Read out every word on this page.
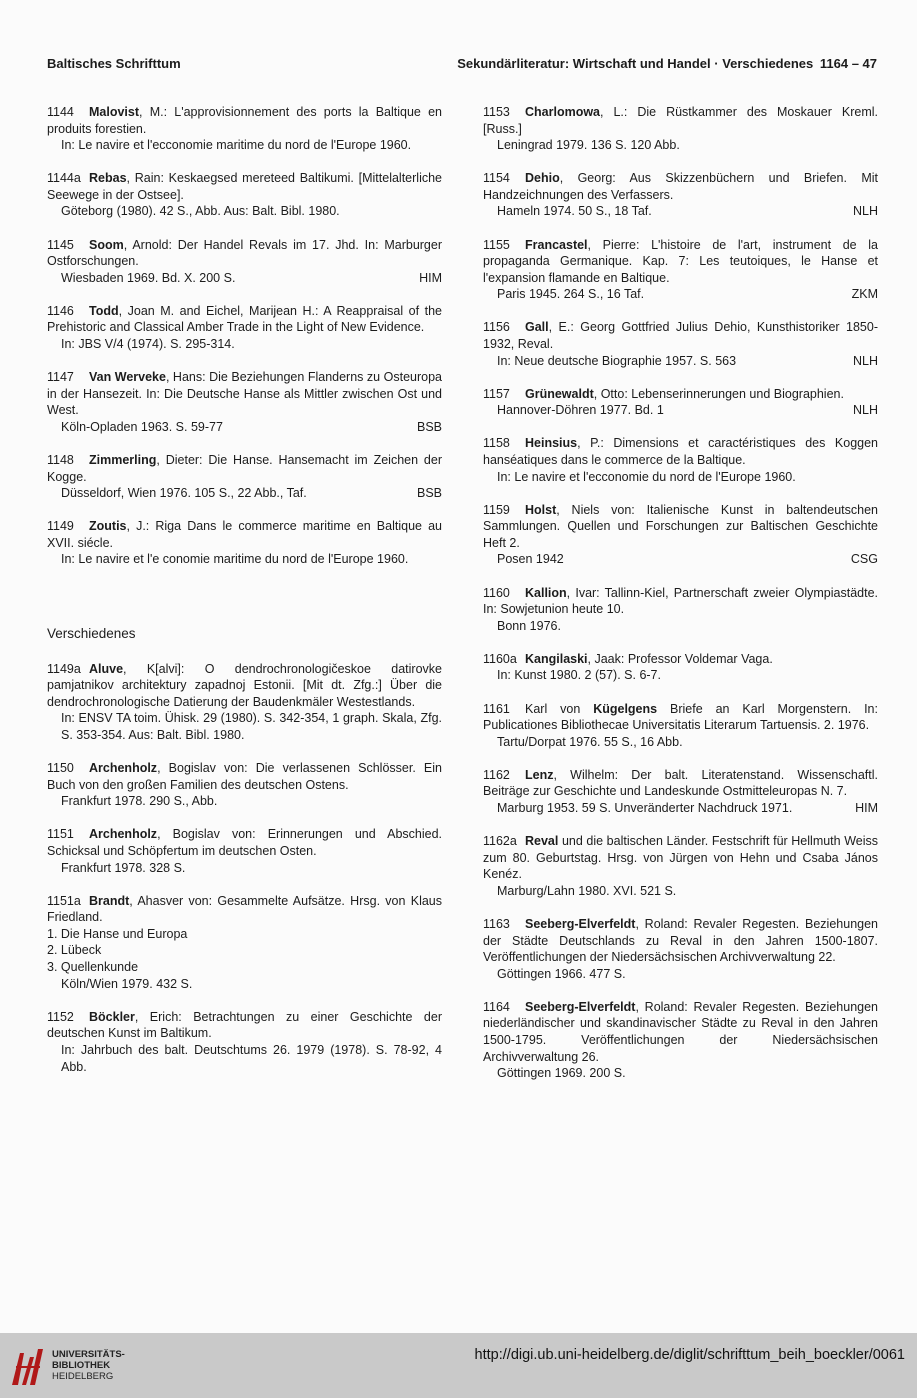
Baltisches Schrifttum	Sekundärliteratur: Wirtschaft und Handel · Verschiedenes 1164 – 47
1144 Malovist, M.: L'approvisionnement des ports la Baltique en produits forestien.
In: Le navire et l'ecconomie maritime du nord de l'Europe 1960.
1144a Rebas, Rain: Keskaegsed mereteed Baltikumi. [Mittelalterliche Seewege in der Ostsee].
Göteborg (1980). 42 S., Abb. Aus: Balt. Bibl. 1980.
1145 Soom, Arnold: Der Handel Revals im 17. Jhd. In: Marburger Ostforschungen.
Wiesbaden 1969. Bd. X. 200 S.	HIM
1146 Todd, Joan M. and Eichel, Marijean H.: A Reappraisal of the Prehistoric and Classical Amber Trade in the Light of New Evidence.
In: JBS V/4 (1974). S. 295-314.
1147 Van Werveke, Hans: Die Beziehungen Flanderns zu Osteuropa in der Hansezeit. In: Die Deutsche Hanse als Mittler zwischen Ost und West.
Köln-Opladen 1963. S. 59-77	BSB
1148 Zimmerling, Dieter: Die Hanse. Hansemacht im Zeichen der Kogge.
Düsseldorf, Wien 1976. 105 S., 22 Abb., Taf.	BSB
1149 Zoutis, J.: Riga Dans le commerce maritime en Baltique au XVII. siécle.
In: Le navire et l'e conomie maritime du nord de l'Europe 1960.
Verschiedenes
1149a Aluve, K[alvi]: O dendrochronologičeskoe datirovke pamjatnikov architektury zapadnoj Estonii. [Mit dt. Zfg.:] Über die dendrochronologische Datierung der Baudenkmäler Westestlands.
In: ENSV TA toim. Ühisk. 29 (1980). S. 342-354, 1 graph. Skala, Zfg. S. 353-354. Aus: Balt. Bibl. 1980.
1150 Archenholz, Bogislav von: Die verlassenen Schlösser. Ein Buch von den großen Familien des deutschen Ostens.
Frankfurt 1978. 290 S., Abb.
1151 Archenholz, Bogislav von: Erinnerungen und Abschied. Schicksal und Schöpfertum im deutschen Osten.
Frankfurt 1978. 328 S.
1151a Brandt, Ahasver von: Gesammelte Aufsätze. Hrsg. von Klaus Friedland.
1. Die Hanse und Europa
2. Lübeck
3. Quellenkunde
Köln/Wien 1979. 432 S.
1152 Böckler, Erich: Betrachtungen zu einer Geschichte der deutschen Kunst im Baltikum.
In: Jahrbuch des balt. Deutschtums 26. 1979 (1978). S. 78-92, 4 Abb.
1153 Charlomowa, L.: Die Rüstkammer des Moskauer Kreml. [Russ.]
Leningrad 1979. 136 S. 120 Abb.
1154 Dehio, Georg: Aus Skizzenbüchern und Briefen. Mit Handzeichnungen des Verfassers.
Hameln 1974. 50 S., 18 Taf.	NLH
1155 Francastel, Pierre: L'histoire de l'art, instrument de la propaganda Germanique. Kap. 7: Les teutoiques, le Hanse et l'expansion flamande en Baltique.
Paris 1945. 264 S., 16 Taf.	ZKM
1156 Gall, E.: Georg Gottfried Julius Dehio, Kunsthistoriker 1850-1932, Reval.
In: Neue deutsche Biographie 1957. S. 563	NLH
1157 Grünewaldt, Otto: Lebenserinnerungen und Biographien.
Hannover-Döhren 1977. Bd. 1	NLH
1158 Heinsius, P.: Dimensions et caractéristiques des Koggen hanséatiques dans le commerce de la Baltique.
In: Le navire et l'ecconomie du nord de l'Europe 1960.
1159 Holst, Niels von: Italienische Kunst in baltendeutschen Sammlungen. Quellen und Forschungen zur Baltischen Geschichte Heft 2.
Posen 1942	CSG
1160 Kallion, Ivar: Tallinn-Kiel, Partnerschaft zweier Olympiastädte. In: Sowjetunion heute 10.
Bonn 1976.
1160a Kangilaski, Jaak: Professor Voldemar Vaga.
In: Kunst 1980. 2 (57). S. 6-7.
1161 Karl von Kügelgens Briefe an Karl Morgenstern. In: Publicationes Bibliothecae Universitatis Literarum Tartuensis. 2. 1976.
Tartu/Dorpat 1976. 55 S., 16 Abb.
1162 Lenz, Wilhelm: Der balt. Literatenstand. Wissenschaftl. Beiträge zur Geschichte und Landeskunde Ostmitteleuropas N. 7.
Marburg 1953. 59 S. Unveränderter Nachdruck 1971.	HIM
1162a Reval und die baltischen Länder. Festschrift für Hellmuth Weiss zum 80. Geburtstag. Hrsg. von Jürgen von Hehn und Csaba János Kenéz.
Marburg/Lahn 1980. XVI. 521 S.
1163 Seeberg-Elverfeldt, Roland: Revaler Regesten. Beziehungen der Städte Deutschlands zu Reval in den Jahren 1500-1807. Veröffentlichungen der Niedersächsischen Archivverwaltung 22.
Göttingen 1966. 477 S.
1164 Seeberg-Elverfeldt, Roland: Revaler Regesten. Beziehungen niederländischer und skandinavischer Städte zu Reval in den Jahren 1500-1795. Veröffentlichungen der Niedersächsischen Archivverwaltung 26.
Göttingen 1969. 200 S.
UNIVERSITÄTS-
BIBLIOTHEK
HEIDELBERG
http://digi.ub.uni-heidelberg.de/diglit/schrifttum_beih_boeckler/0061
